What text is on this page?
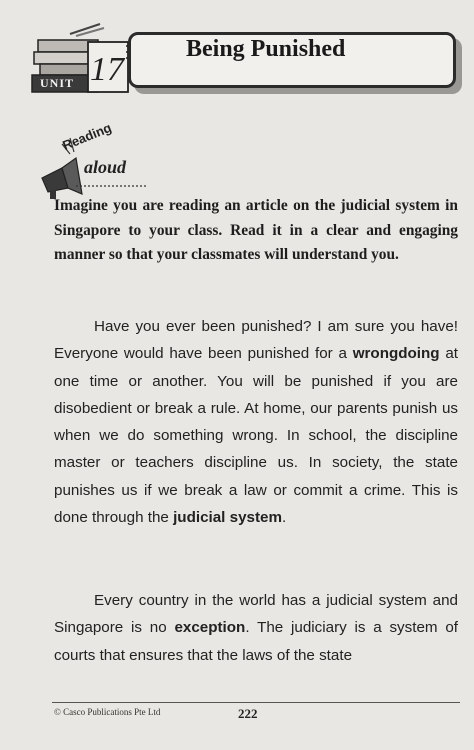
UNIT 17
Being Punished
Reading
aloud
Imagine you are reading an article on the judicial system in Singapore to your class. Read it in a clear and engaging manner so that your classmates will understand you.
Have you ever been punished? I am sure you have! Everyone would have been punished for a wrongdoing at one time or another. You will be punished if you are disobedient or break a rule. At home, our parents punish us when we do something wrong. In school, the discipline master or teachers discipline us. In society, the state punishes us if we break a law or commit a crime. This is done through the judicial system.
Every country in the world has a judicial system and Singapore is no exception. The judiciary is a system of courts that ensures that the laws of the state
© Casco Publications Pte Ltd	222
